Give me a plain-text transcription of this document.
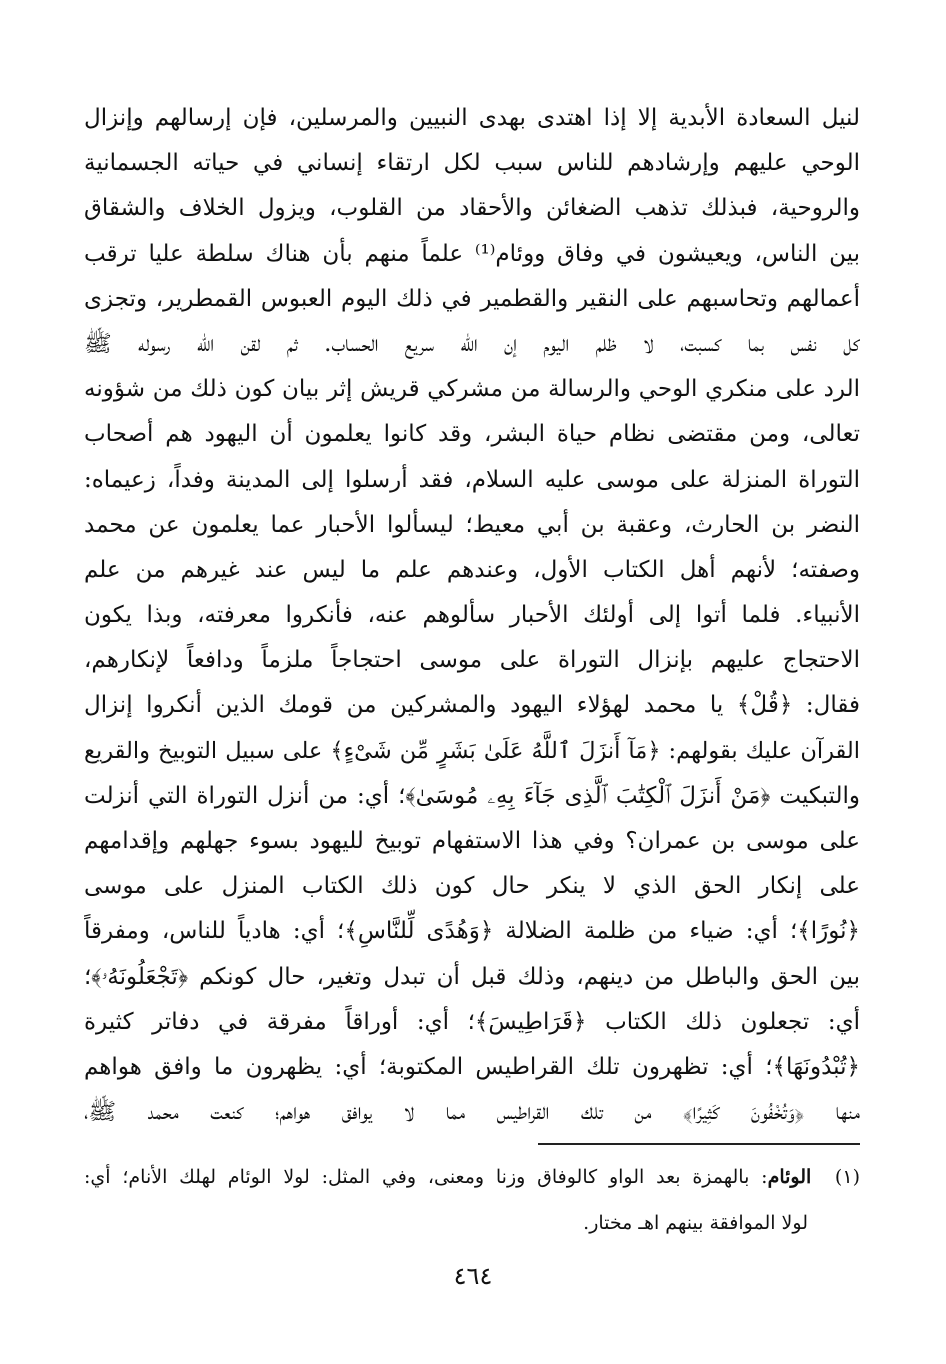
لنيل السعادة الأبدية إلا إذا اهتدى بهدى النبيين والمرسلين، فإن إرسالهم وإنزال
الوحي عليهم وإرشادهم للناس سبب لكل ارتقاء إنساني في حياته الجسمانية
والروحية، فبذلك تذهب الضغائن والأحقاد من القلوب، ويزول الخلاف والشقاق
بين الناس، ويعيشون في وفاق ووئام⁽¹⁾ علماً منهم بأن هناك سلطة عليا ترقب
أعمالهم وتحاسبهم على النقير والقطمير في ذلك اليوم العبوس القمطرير، وتجزى
كل نفس بما كسبت، لا ظلم اليوم إن الله سريع الحساب. ثم لقن الله رسوله ﷺ
الرد على منكري الوحي والرسالة من مشركي قريش إثر بيان كون ذلك من شؤونه
تعالى، ومن مقتضى نظام حياة البشر، وقد كانوا يعلمون أن اليهود هم أصحاب
التوراة المنزلة على موسى عليه السلام، فقد أرسلوا إلى المدينة وفداً، زعيماه:
النضر بن الحارث، وعقبة بن أبي معيط؛ ليسألوا الأحبار عما يعلمون عن محمد
وصفته؛ لأنهم أهل الكتاب الأول، وعندهم علم ما ليس عند غيرهم من علم
الأنبياء. فلما أتوا إلى أولئك الأحبار سألوهم عنه، فأنكروا معرفته، وبذا يكون
الاحتجاج عليهم بإنزال التوراة على موسى احتجاجاً ملزماً ودافعاً لإنكارهم،
فقال: ﴿قُلْ﴾ يا محمد لهؤلاء اليهود والمشركين من قومك الذين أنكروا إنزال
القرآن عليك بقولهم: ﴿مَآ أَنزَلَ ٱللَّهُ عَلَىٰ بَشَرٍ مِّن شَىْءٍ﴾ على سبيل التوبيخ والقريع
والتبكيت ﴿مَنْ أَنزَلَ ٱلْكِتَٰبَ ٱلَّذِى جَآءَ بِهِۦ مُوسَىٰ﴾؛ أي: من أنزل التوراة التي أنزلت
على موسى بن عمران؟ وفي هذا الاستفهام توبيخ لليهود بسوء جهلهم وإقدامهم
على إنكار الحق الذي لا ينكر حال كون ذلك الكتاب المنزل على موسى
﴿نُورًا﴾؛ أي: ضياء من ظلمة الضلالة ﴿وَهُدًى لِّلنَّاسِ﴾؛ أي: هادياً للناس، ومفرقاً
بين الحق والباطل من دينهم، وذلك قبل أن تبدل وتغير، حال كونكم ﴿تَجْعَلُونَهُۥ﴾؛
أي: تجعلون ذلك الكتاب ﴿قَرَاطِيسَ﴾؛ أي: أوراقاً مفرقة في دفاتر كثيرة
﴿تُبْدُونَهَا﴾؛ أي: تظهرون تلك القراطيس المكتوبة؛ أي: يظهرون ما وافق هواهم
منها ﴿وَتُخْفُونَ كَثِيرًا﴾ من تلك القراطيس مما لا يوافق هواهم؛ كنعت محمد ﷺ،
(١)  الوئام: بالهمزة بعد الواو كالوفاق وزنا ومعنى، وفي المثل: لولا الوئام لهلك الأنام؛ أي:
لولا الموافقة بينهم اهـ مختار.
٤٦٤
